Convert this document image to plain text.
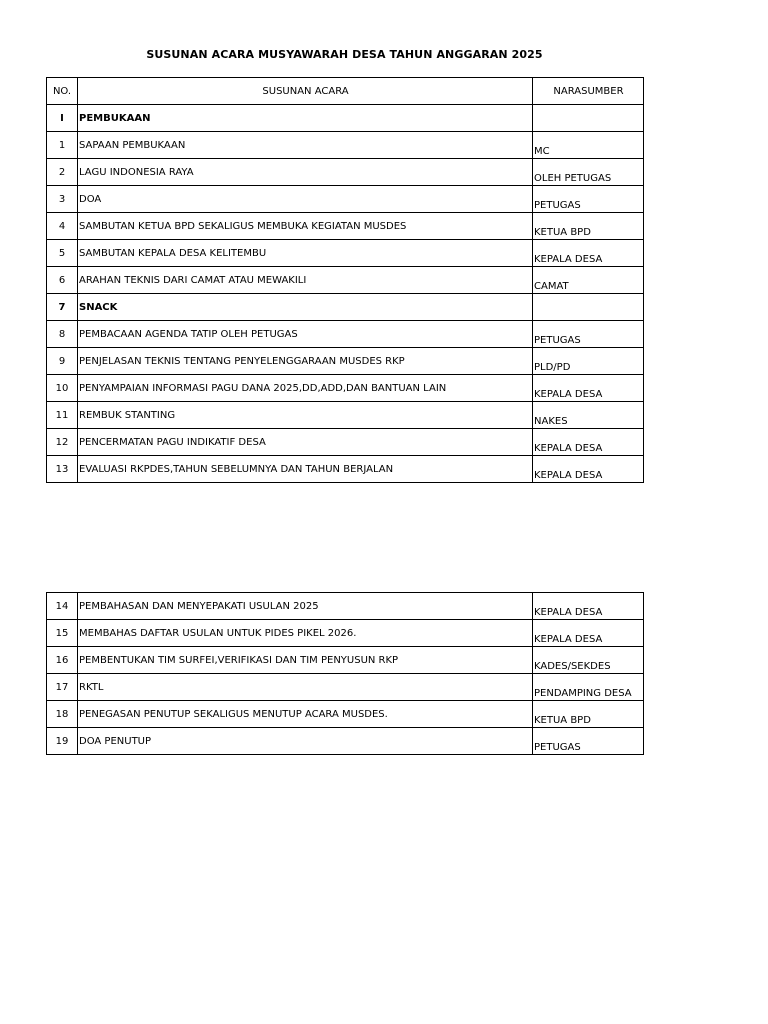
SUSUNAN ACARA MUSYAWARAH DESA TAHUN ANGGARAN 2025
NO.	SUSUNAN ACARA	NARASUMBER
I	PEMBUKAAN	

1	SAPAAN PEMBUKAAN	MC

2	LAGU INDONESIA RAYA	OLEH PETUGAS

3	DOA	PETUGAS

4	SAMBUTAN KETUA BPD SEKALIGUS MEMBUKA KEGIATAN MUSDES	KETUA BPD

5	SAMBUTAN KEPALA DESA KELITEMBU	KEPALA DESA

6	ARAHAN TEKNIS DARI CAMAT ATAU MEWAKILI	CAMAT

7	SNACK	

8	PEMBACAAN AGENDA TATIP OLEH PETUGAS	PETUGAS

9	PENJELASAN TEKNIS TENTANG PENYELENGGARAAN MUSDES RKP	PLD/PD

10	PENYAMPAIAN INFORMASI PAGU DANA 2025,DD,ADD,DAN BANTUAN LAIN	KEPALA DESA

11	REMBUK STANTING	NAKES

12	PENCERMATAN PAGU INDIKATIF DESA	KEPALA DESA

13	EVALUASI RKPDES,TAHUN SEBELUMNYA DAN TAHUN BERJALAN	KEPALA DESA
14	PEMBAHASAN DAN MENYEPAKATI USULAN 2025	KEPALA DESA

15	MEMBAHAS DAFTAR USULAN UNTUK PIDES PIKEL 2026.	KEPALA DESA

16	PEMBENTUKAN TIM SURFEI,VERIFIKASI DAN TIM PENYUSUN RKP	KADES/SEKDES

17	RKTL	PENDAMPING DESA

18	PENEGASAN PENUTUP SEKALIGUS MENUTUP ACARA MUSDES.	KETUA BPD

19	DOA PENUTUP	PETUGAS
